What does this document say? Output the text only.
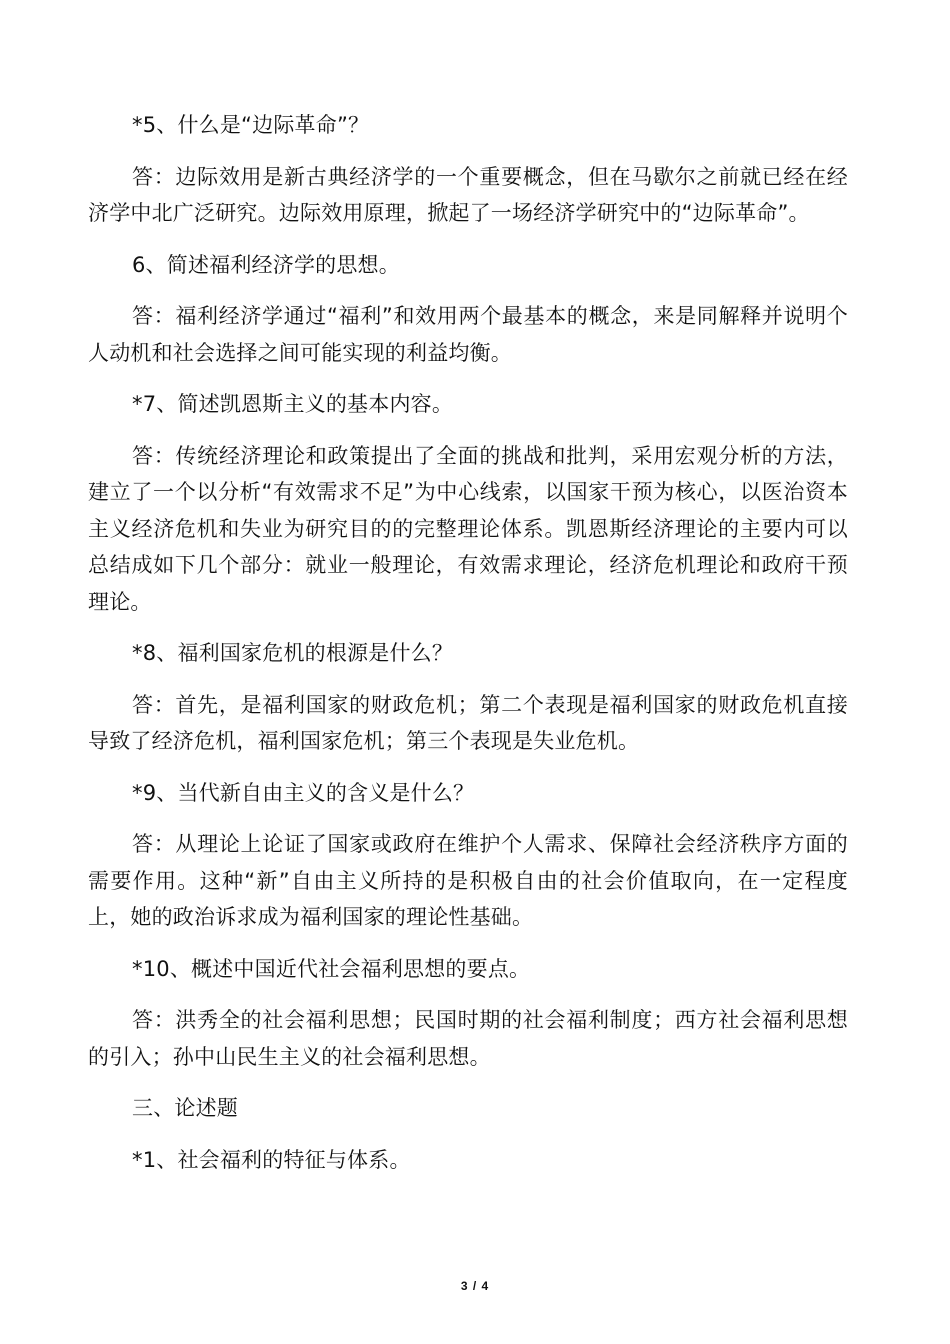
*5、什么是“边际革命”？

答：边际效用是新古典经济学的一个重要概念，但在马歇尔之前就已经在经济学中北广泛研究。边际效用原理，掀起了一场经济学研究中的“边际革命”。

6、简述福利经济学的思想。

答：福利经济学通过“福利”和效用两个最基本的概念，来是同解释并说明个人动机和社会选择之间可能实现的利益均衡。

*7、简述凯恩斯主义的基本内容。

答：传统经济理论和政策提出了全面的挑战和批判，采用宏观分析的方法，建立了一个以分析“有效需求不足”为中心线索，以国家干预为核心，以医治资本主义经济危机和失业为研究目的的完整理论体系。凯恩斯经济理论的主要内可以总结成如下几个部分：就业一般理论，有效需求理论，经济危机理论和政府干预理论。

*8、福利国家危机的根源是什么？

答：首先，是福利国家的财政危机；第二个表现是福利国家的财政危机直接导致了经济危机，福利国家危机；第三个表现是失业危机。

*9、当代新自由主义的含义是什么？

答：从理论上论证了国家或政府在维护个人需求、保障社会经济秩序方面的需要作用。这种“新”自由主义所持的是积极自由的社会价值取向，在一定程度上，她的政治诉求成为福利国家的理论性基础。

*10、概述中国近代社会福利思想的要点。

答：洪秀全的社会福利思想；民国时期的社会福利制度；西方社会福利思想的引入；孙中山民生主义的社会福利思想。

三、论述题

*1、社会福利的特征与体系。

3 / 4
